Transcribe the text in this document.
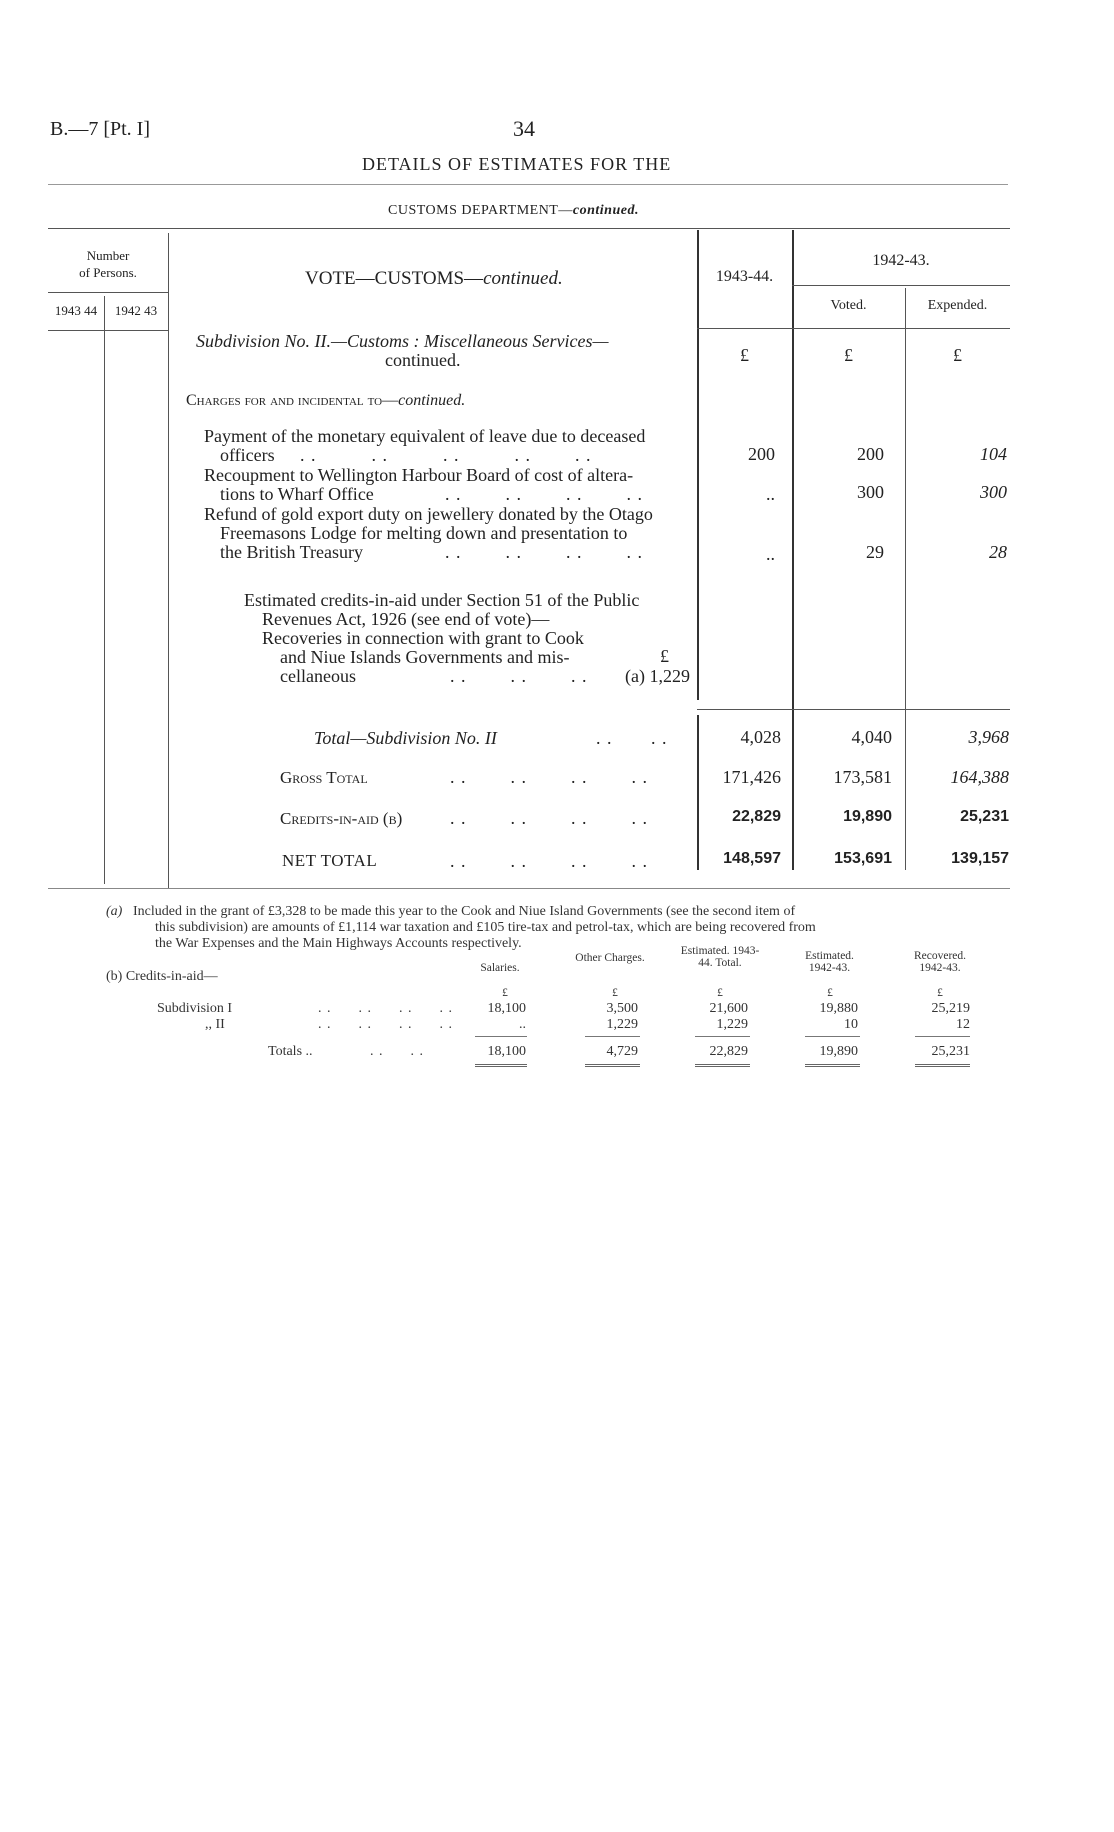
B.—7 [Pt. I]	34
DETAILS OF ESTIMATES FOR THE
CUSTOMS DEPARTMENT—continued.
Number
of Persons.
1943 44	1942 43
VOTE—CUSTOMS—continued.	1943-44.
1942-43.
Voted.	Expended.
Subdivision No. II.—Customs : Miscellaneous Services—
continued.	£	£	£
Charges for and incidental to—continued.
Payment of the monetary equivalent of leave due to deceased
officers . .          . .          . .          . .        . .	200	200	104
Recoupment to Wellington Harbour Board of cost of altera-
tions to Wharf Office	. .        . .        . .        . .	..	300	300
Refund of gold export duty on jewellery donated by the Otago
Freemasons Lodge for melting down and presentation to
the British Treasury	. .        . .        . .        . .	..	29	28
Estimated credits-in-aid under Section 51 of the Public
Revenues Act, 1926 (see end of vote)—
Recoveries in connection with grant to Cook
and Niue Islands Governments and mis-	£
cellaneous	. .        . .        . .	(a) 1,229
Total—Subdivision No. II	. .       . .	4,028	4,040	3,968
Gross Total	. .        . .        . .        . .	171,426	173,581	164,388
Credits-in-aid (b)	. .        . .        . .        . .	22,829	19,890	25,231
NET TOTAL	. .        . .        . .        . .	148,597	153,691	139,157
(a) Included in the grant of £3,328 to be made this year to the Cook and Niue Island Governments (see the second item of
this subdivision) are amounts of £1,114 war taxation and £105 tire-tax and petrol-tax, which are being recovered from
the War Expenses and the Main Highways Accounts respectively.
(b) Credits-in-aid—
Salaries.
Other Charges.
Estimated. 1943-44. Total.
Estimated. 1942-43.
Recovered. 1942-43.
£	£	£	£	£
Subdivision I	. .      . .      . .      . .	18,100	3,500	21,600	19,880	25,219
,, II	. .      . .      . .      . .	..	1,229	1,229	10	12
Totals ..	. .      . .	18,100	4,729	22,829	19,890	25,231
